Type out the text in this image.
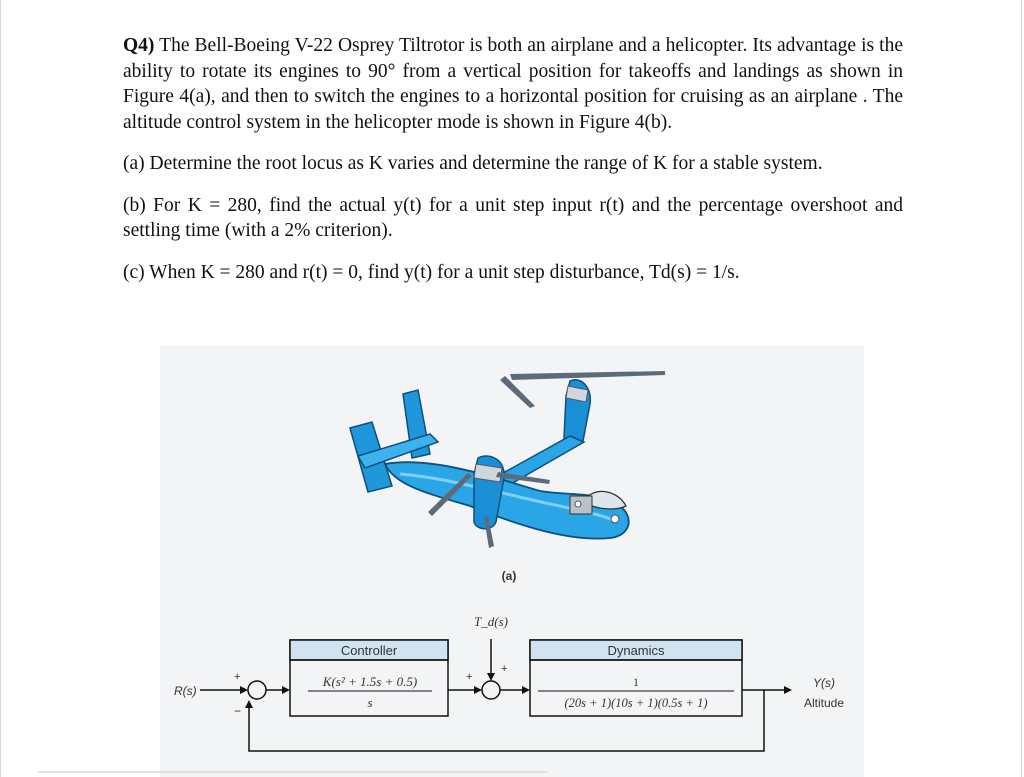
Q4) The Bell-Boeing V-22 Osprey Tiltrotor is both an airplane and a helicopter. Its advantage is the ability to rotate its engines to 90° from a vertical position for takeoffs and landings as shown in Figure 4(a), and then to switch the engines to a horizontal position for cruising as an airplane . The altitude control system in the helicopter mode is shown in Figure 4(b).

(a) Determine the root locus as K varies and determine the range of K for a stable system.

(b) For K = 280, find the actual y(t) for a unit step input r(t) and the percentage overshoot and settling time (with a 2% criterion).

(c) When K = 280 and r(t) = 0, find y(t) for a unit step disturbance, Td(s) = 1/s.

(a)
R(s)
+
−
Controller
K(s² + 1.5s + 0.5)
s
T_d(s)
+
+
Dynamics
1
(20s + 1)(10s + 1)(0.5s + 1)
Y(s)
Altitude
